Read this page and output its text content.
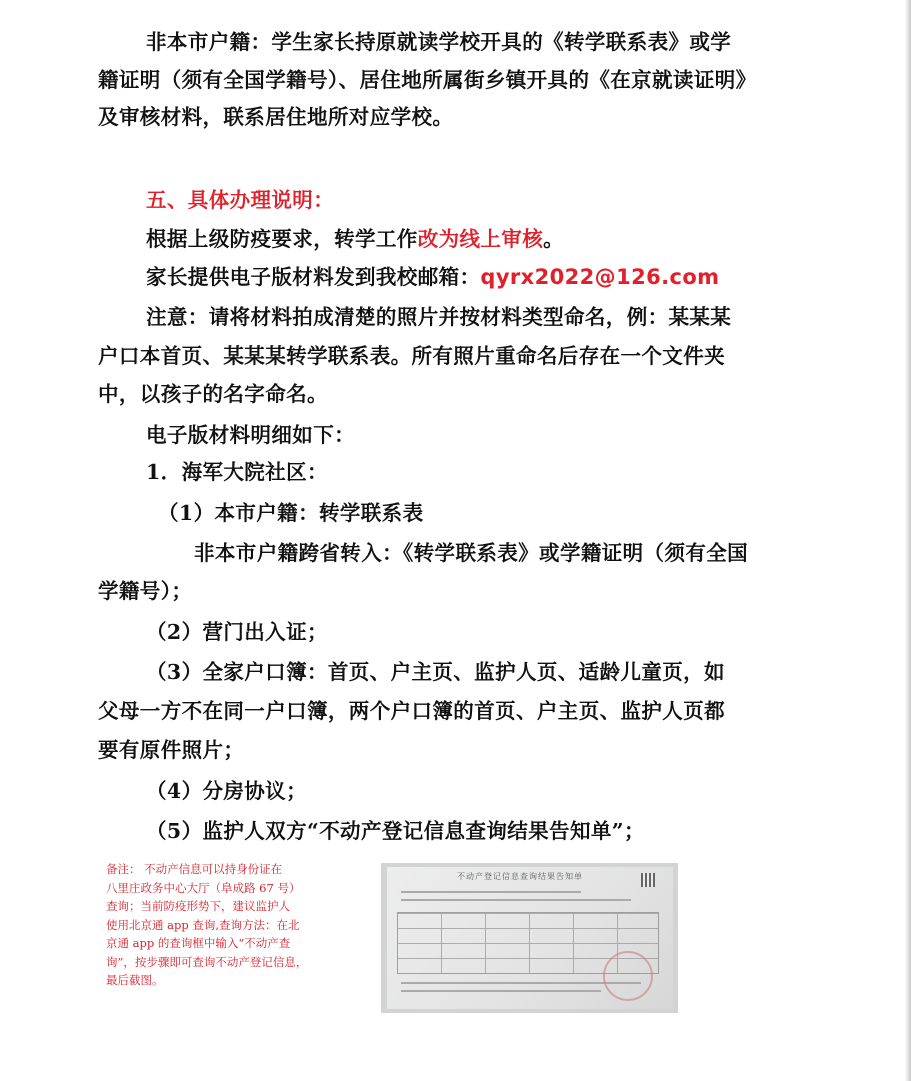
非本市户籍：学生家长持原就读学校开具的《转学联系表》或学

籍证明（须有全国学籍号）、居住地所属街乡镇开具的《在京就读证明》

及审核材料，联系居住地所对应学校。

五、具体办理说明：

根据上级防疫要求，转学工作改为线上审核。

家长提供电子版材料发到我校邮箱：qyrx2022@126.com

注意：请将材料拍成清楚的照片并按材料类型命名，例：某某某

户口本首页、某某某转学联系表。所有照片重命名后存在一个文件夹

中，以孩子的名字命名。

电子版材料明细如下：

1．海军大院社区：

（1）本市户籍：转学联系表

非本市户籍跨省转入：《转学联系表》或学籍证明（须有全国

学籍号）；

（2）营门出入证；

（3）全家户口簿：首页、户主页、监护人页、适龄儿童页，如

父母一方不在同一户口簿，两个户口簿的首页、户主页、监护人页都

要有原件照片；

（4）分房协议；

（5）监护人双方“不动产登记信息查询结果告知单”；

备注： 不动产信息可以持身份证在
八里庄政务中心大厅（阜成路 67 号）
查询；当前防疫形势下，建议监护人
使用北京通 app 查询,查询方法：在北
京通 app 的查询框中输入“不动产查
询”，按步骤即可查询不动产登记信息，
最后截图。
不动产登记信息查询结果告知单
